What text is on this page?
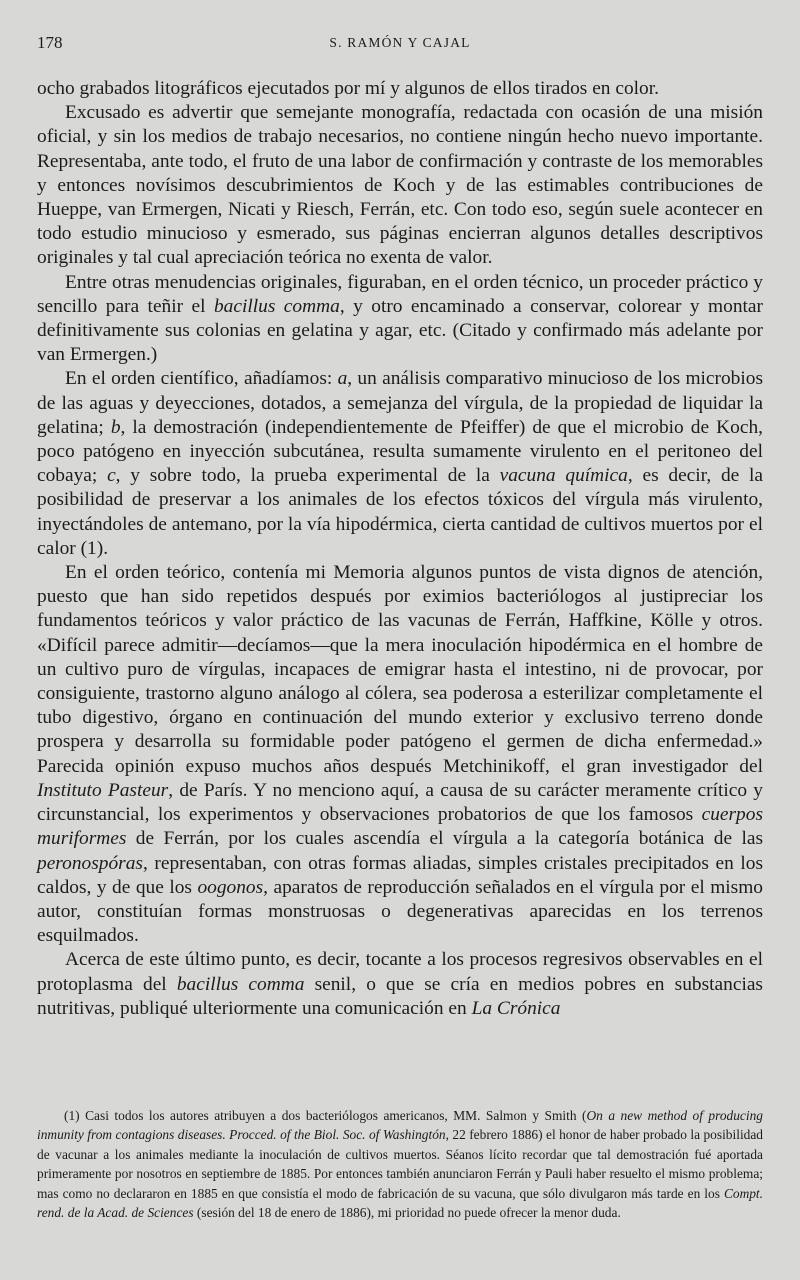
178	S. RAMÓN Y CAJAL

ocho grabados litográficos ejecutados por mí y algunos de ellos tirados en color.

Excusado es advertir que semejante monografía, redactada con ocasión de una misión oficial, y sin los medios de trabajo necesarios, no contiene ningún hecho nuevo importante. Representaba, ante todo, el fruto de una labor de confirmación y contraste de los memorables y entonces novísimos descubrimientos de Koch y de las estimables contribuciones de Hueppe, van Ermergen, Nicati y Riesch, Ferrán, etc. Con todo eso, según suele acontecer en todo estudio minucioso y esmerado, sus páginas encierran algunos detalles descriptivos originales y tal cual apreciación teórica no exenta de valor.

Entre otras menudencias originales, figuraban, en el orden técnico, un proceder práctico y sencillo para teñir el bacillus comma, y otro encaminado a conservar, colorear y montar definitivamente sus colonias en gelatina y agar, etc. (Citado y confirmado más adelante por van Ermergen.)

En el orden científico, añadíamos: a, un análisis comparativo minucioso de los microbios de las aguas y deyecciones, dotados, a semejanza del vírgula, de la propiedad de liquidar la gelatina; b, la demostración (independientemente de Pfeiffer) de que el microbio de Koch, poco patógeno en inyección subcutánea, resulta sumamente virulento en el peritoneo del cobaya; c, y sobre todo, la prueba experimental de la vacuna química, es decir, de la posibilidad de preservar a los animales de los efectos tóxicos del vírgula más virulento, inyectándoles de antemano, por la vía hipodérmica, cierta cantidad de cultivos muertos por el calor (1).

En el orden teórico, contenía mi Memoria algunos puntos de vista dignos de atención, puesto que han sido repetidos después por eximios bacteriólogos al justipreciar los fundamentos teóricos y valor práctico de las vacunas de Ferrán, Haffkine, Kölle y otros. «Difícil parece admitir—decíamos—que la mera inoculación hipodérmica en el hombre de un cultivo puro de vírgulas, incapaces de emigrar hasta el intestino, ni de provocar, por consiguiente, trastorno alguno análogo al cólera, sea poderosa a esterilizar completamente el tubo digestivo, órgano en continuación del mundo exterior y exclusivo terreno donde prospera y desarrolla su formidable poder patógeno el germen de dicha enfermedad.» Parecida opinión expuso muchos años después Metchinikoff, el gran investigador del Instituto Pasteur, de París. Y no menciono aquí, a causa de su carácter meramente crítico y circunstancial, los experimentos y observaciones probatorios de que los famosos cuerpos muriformes de Ferrán, por los cuales ascendía el vírgula a la categoría botánica de las peronospóras, representaban, con otras formas aliadas, simples cristales precipitados en los caldos, y de que los oogonos, aparatos de reproducción señalados en el vírgula por el mismo autor, constituían formas monstruosas o degenerativas aparecidas en los terrenos esquilmados.

Acerca de este último punto, es decir, tocante a los procesos regresivos observables en el protoplasma del bacillus comma senil, o que se cría en medios pobres en substancias nutritivas, publiqué ulteriormente una comunicación en La Crónica

(1) Casi todos los autores atribuyen a dos bacteriólogos americanos, MM. Salmon y Smith (On a new method of producing inmunity from contagions diseases. Procced. of the Biol. Soc. of Washingtón, 22 febrero 1886) el honor de haber probado la posibilidad de vacunar a los animales mediante la inoculación de cultivos muertos. Séanos lícito recordar que tal demostración fué aportada primeramente por nosotros en septiembre de 1885. Por entonces también anunciaron Ferrán y Pauli haber resuelto el mismo problema; mas como no declararon en 1885 en que consistía el modo de fabricación de su vacuna, que sólo divulgaron más tarde en los Compt. rend. de la Acad. de Sciences (sesión del 18 de enero de 1886), mi prioridad no puede ofrecer la menor duda.
